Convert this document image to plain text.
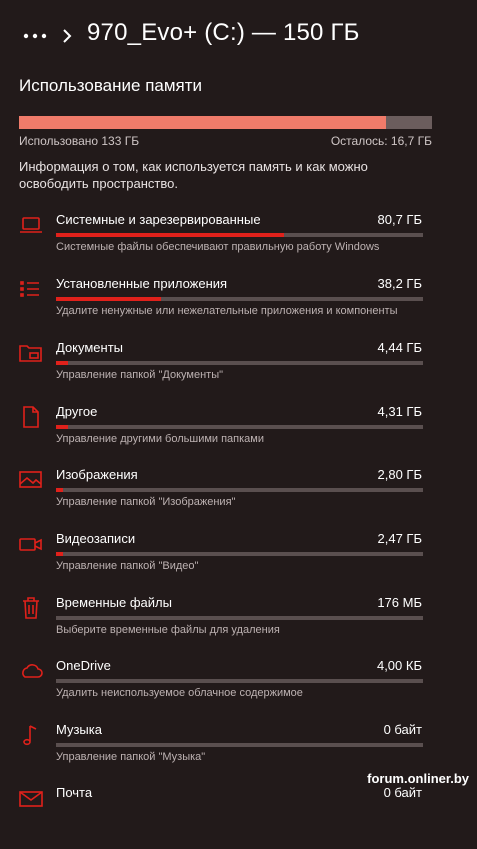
970_Evo+ (C:) — 150 ГБ
Использование памяти
Использовано 133 ГБ	Осталось: 16,7 ГБ
Информация о том, как используется память и как можно освободить пространство.
Системные и зарезервированные	80,7 ГБ
Системные файлы обеспечивают правильную работу Windows
Установленные приложения	38,2 ГБ
Удалите ненужные или нежелательные приложения и компоненты
Документы	4,44 ГБ
Управление папкой "Документы"
Другое	4,31 ГБ
Управление другими большими папками
Изображения	2,80 ГБ
Управление папкой "Изображения"
Видеозаписи	2,47 ГБ
Управление папкой "Видео"
Временные файлы	176 МБ
Выберите временные файлы для удаления
OneDrive	4,00 КБ
Удалить неиспользуемое облачное содержимое
Музыка	0 байт
Управление папкой "Музыка"
Почта	0 байт
forum.onliner.by
